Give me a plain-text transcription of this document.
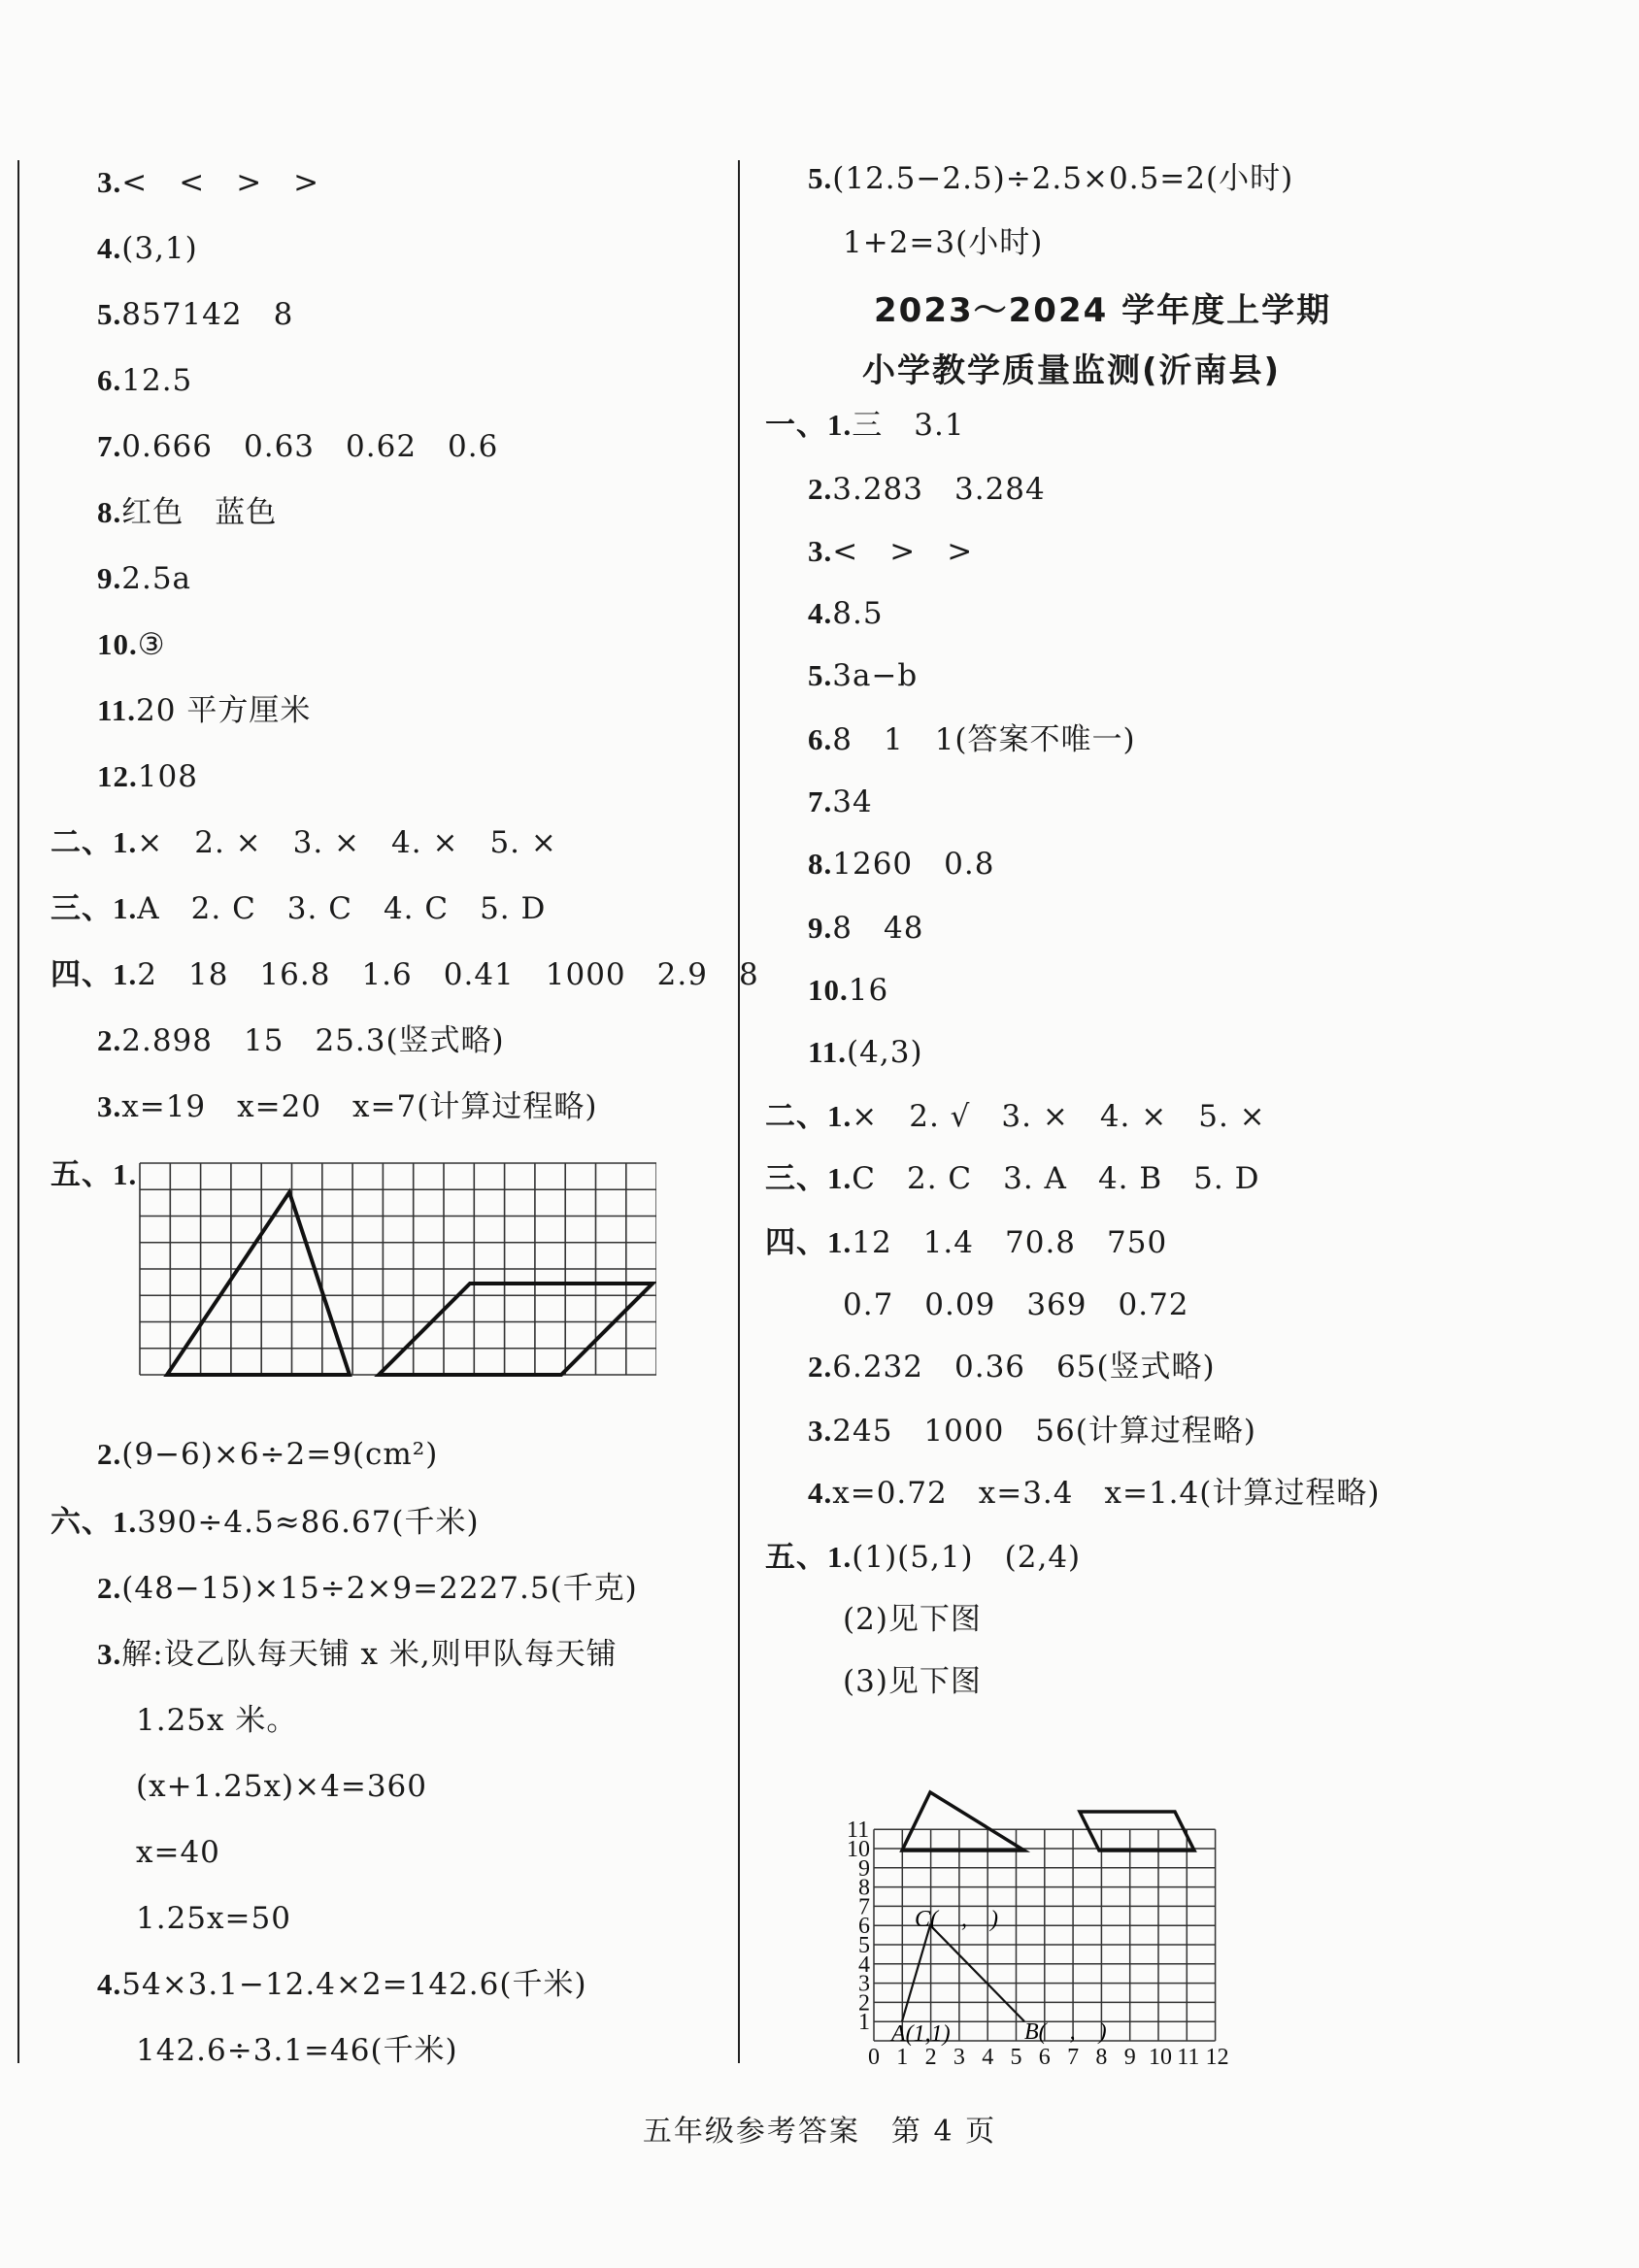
3.<　<　>　>
4.(3,1)
5.857142　8
6.12.5
7.0.666　0.63　0.62　0.6
8.红色　蓝色
9.2.5a
10.③
11.20 平方厘米
12.108
二、1.×　2. ×　3. ×　4. ×　5. ×
三、1.A　2. C　3. C　4. C　5. D
四、1.2　18　16.8　1.6　0.41　1000　2.9　8
2.2.898　15　25.3(竖式略)
3.x=19　x=20　x=7(计算过程略)
五、1.
2.(9−6)×6÷2=9(cm²)
六、1.390÷4.5≈86.67(千米)
2.(48−15)×15÷2×9=2227.5(千克)
3.解:设乙队每天铺 x 米,则甲队每天铺
1.25x 米。
(x+1.25x)×4=360
x=40
1.25x=50
4.54×3.1−12.4×2=142.6(千米)
142.6÷3.1=46(千米)
5.(12.5−2.5)÷2.5×0.5=2(小时)
1+2=3(小时)
2023～2024 学年度上学期
小学教学质量监测(沂南县)
一、1.三　3.1
2.3.283　3.284
3.<　>　>
4.8.5
5.3a−b
6.8　1　1(答案不唯一)
7.34
8.1260　0.8
9.8　48
10.16
11.(4,3)
二、1.×　2. √　3. ×　4. ×　5. ×
三、1.C　2. C　3. A　4. B　5. D
四、1.12　1.4　70.8　750
0.7　0.09　369　0.72
2.6.232　0.36　65(竖式略)
3.245　1000　56(计算过程略)
4.x=0.72　x=3.4　x=1.4(计算过程略)
五、1.(1)(5,1)　(2,4)
(2)见下图
(3)见下图
0 1 2 3 4 5 6 7 8 9 10 11 12
1
2
3
4
5
6
7
8
9
10
11
C(　,　)
A(1,1)	B(　,　)
五年级参考答案　第 4 页
